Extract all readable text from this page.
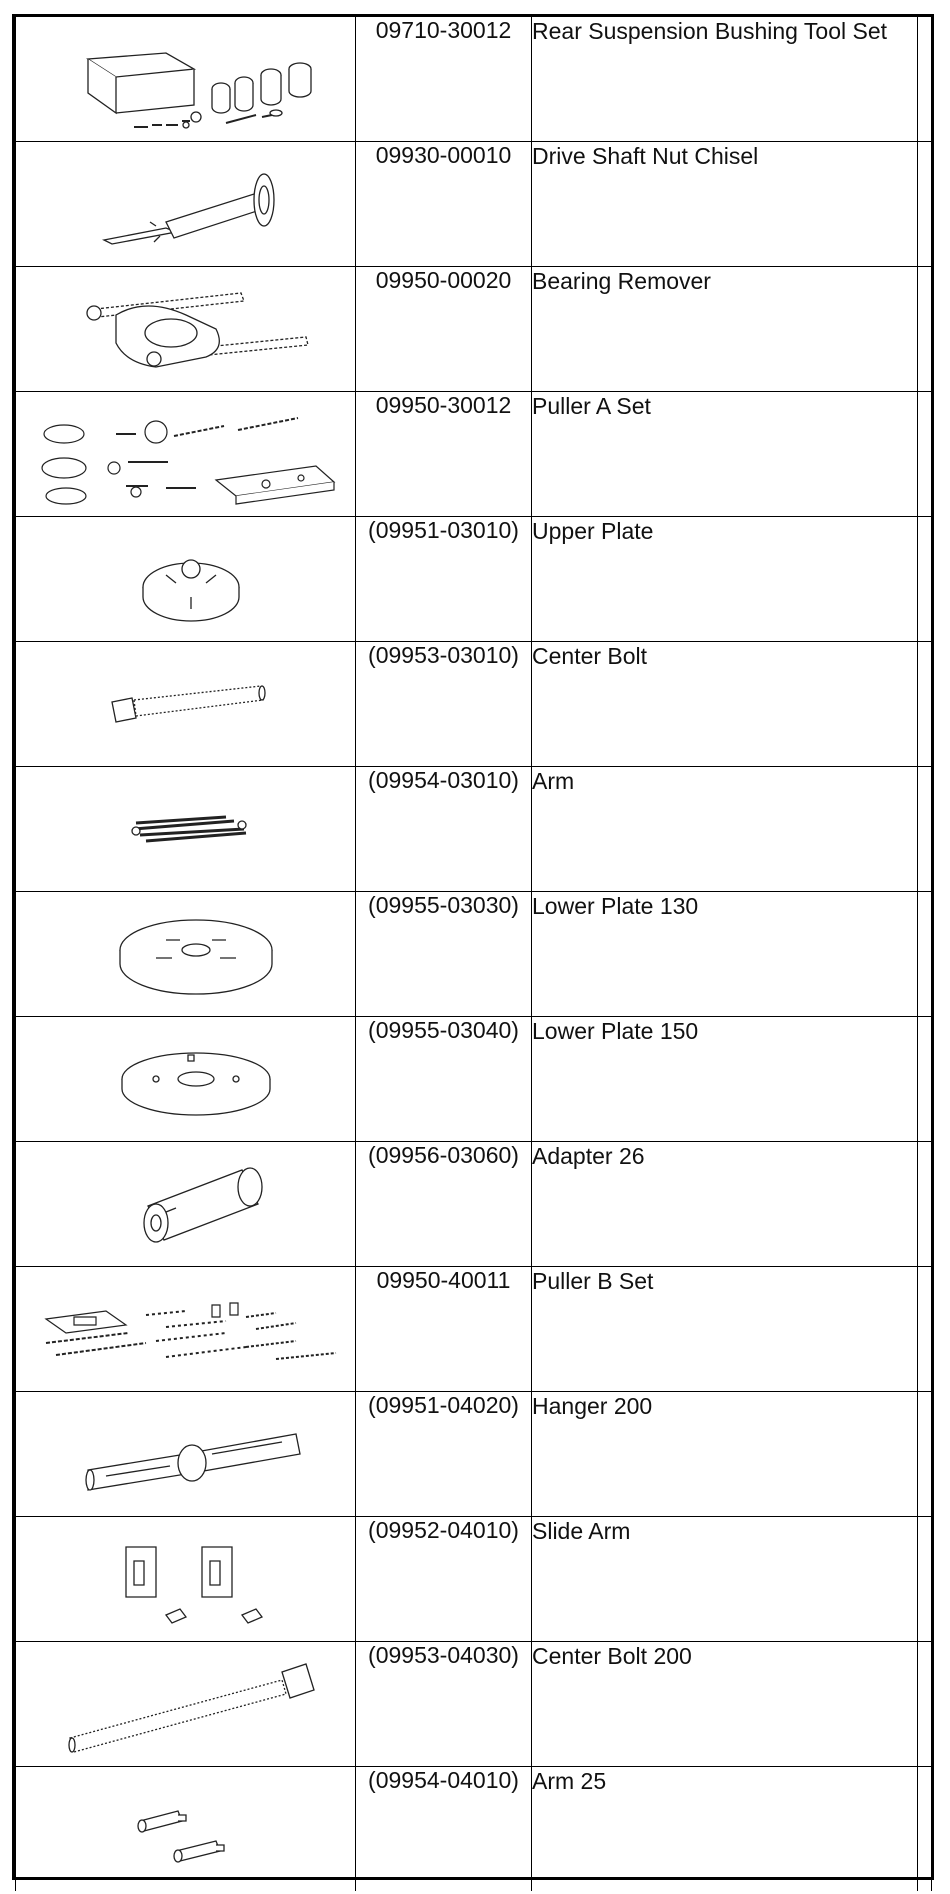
	09710-30012	Rear Suspension Bushing Tool Set	

	09930-00010	Drive Shaft Nut Chisel	

	09950-00020	Bearing Remover	

	09950-30012	Puller A Set	

	(09951-03010)	Upper Plate	

	(09953-03010)	Center Bolt	

	(09954-03010)	Arm	

	(09955-03030)	Lower Plate 130	

	(09955-03040)	Lower Plate 150	

	(09956-03060)	Adapter 26	

	09950-40011	Puller B Set	

	(09951-04020)	Hanger 200	

	(09952-04010)	Slide Arm	

	(09953-04030)	Center Bolt 200	

	(09954-04010)	Arm 25	
